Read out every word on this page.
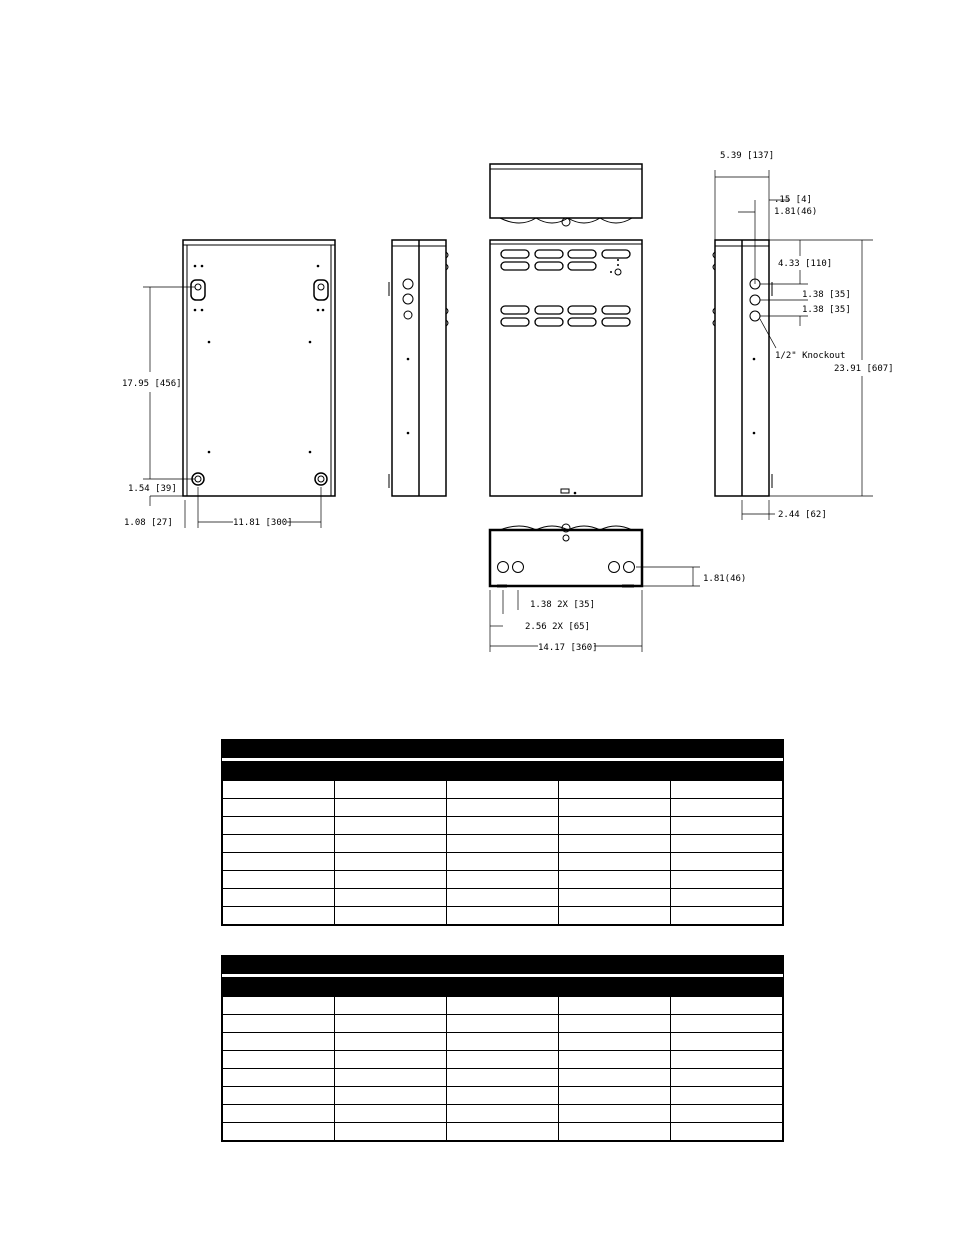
5.39 [137]
.15 [4]
1.81(46)
4.33 [110]
1.38 [35]
1.38 [35]
1/2" Knockout
23.91 [607]
2.44 [62]
17.95 [456]
1.54 [39]
1.08 [27]	11.81 [300]
1.81(46)
1.38 2X [35]
2.56 2X [65]
14.17 [360]
